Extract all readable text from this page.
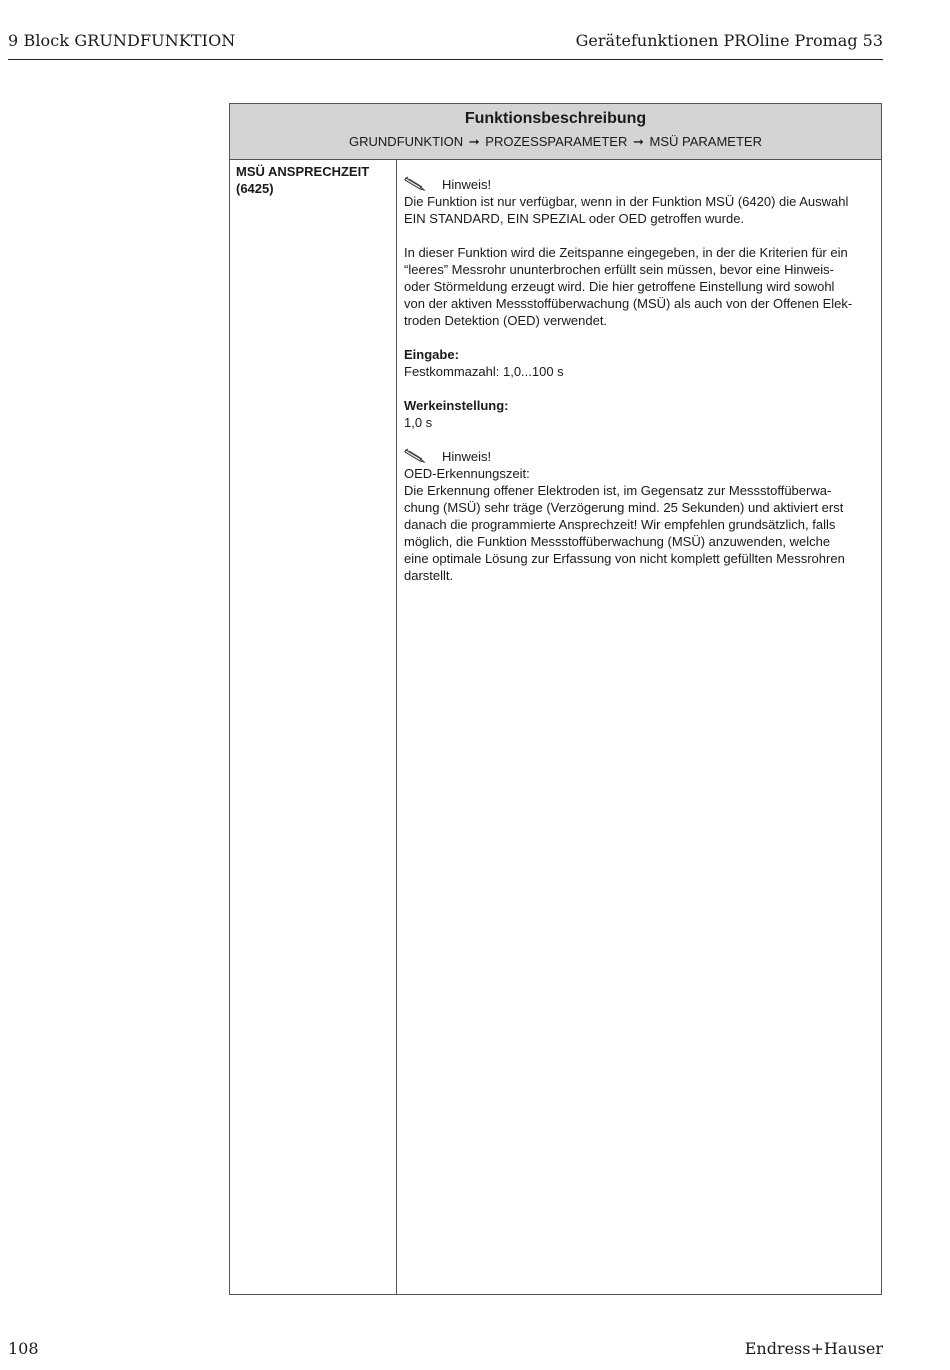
9 Block GRUNDFUNKTION	Gerätefunktionen PROline Promag 53
Funktionsbeschreibung
GRUNDFUNKTION ➞ PROZESSPARAMETER ➞ MSÜ PARAMETER
MSÜ ANSPRECHZEIT
(6425)	Hinweis!

Die Funktion ist nur verfügbar, wenn in der Funktion MSÜ (6420) die Auswahl

EIN STANDARD, EIN SPEZIAL oder OED getroffen wurde.

In dieser Funktion wird die Zeitspanne eingegeben, in der die Kriterien für ein

“leeres” Messrohr ununterbrochen erfüllt sein müssen, bevor eine Hinweis-

oder Störmeldung erzeugt wird. Die hier getroffene Einstellung wird sowohl

von der aktiven Messstoffüberwachung (MSÜ) als auch von der Offenen Elek-

troden Detektion (OED) verwendet.

Eingabe:

Festkommazahl: 1,0...100 s

Werkeinstellung:

1,0 s

Hinweis!

OED-Erkennungszeit:

Die Erkennung offener Elektroden ist, im Gegensatz zur Messstoffüberwa-

chung (MSÜ) sehr träge (Verzögerung mind. 25 Sekunden) und aktiviert erst

danach die programmierte Ansprechzeit! Wir empfehlen grundsätzlich, falls

möglich, die Funktion Messstoffüberwachung (MSÜ) anzuwenden, welche

eine optimale Lösung zur Erfassung von nicht komplett gefüllten Messrohren

darstellt.

108	Endress+Hauser
